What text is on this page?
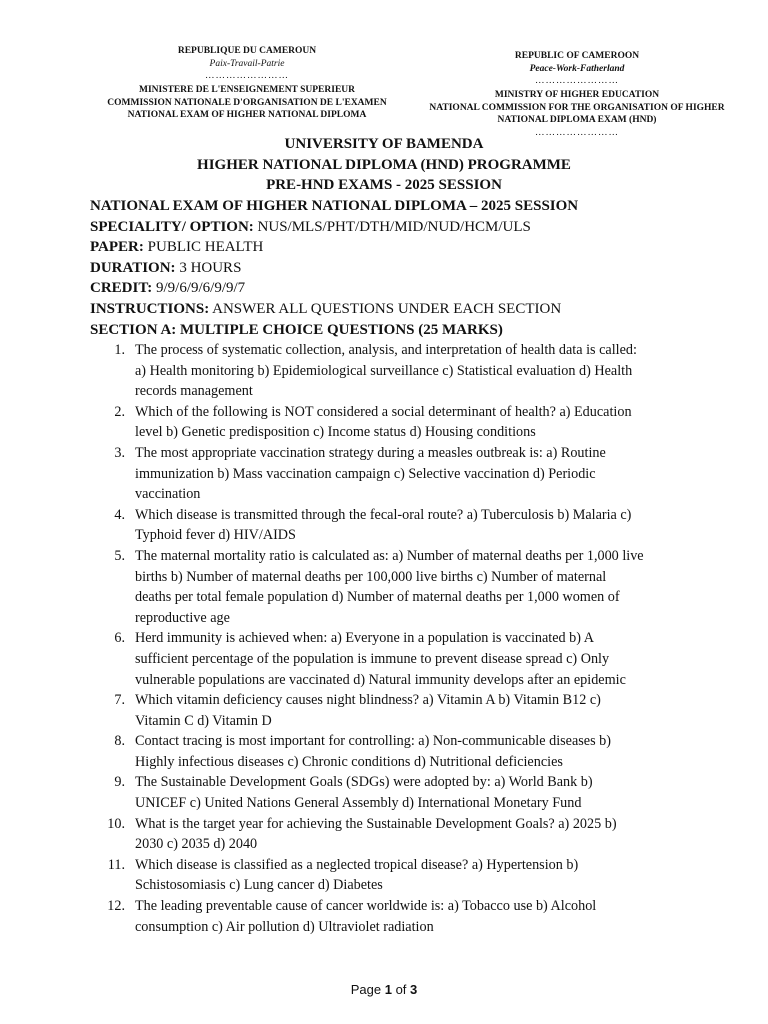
REPUBLIQUE DU CAMEROUN
Paix-Travail-Patrie
……………………
MINISTERE DE L'ENSEIGNEMENT SUPERIEUR
COMMISSION NATIONALE D'ORGANISATION DE L'EXAMEN
NATIONAL EXAM OF HIGHER NATIONAL DIPLOMA
REPUBLIC OF CAMEROON
Peace-Work-Fatherland
……………………
MINISTRY OF HIGHER EDUCATION
NATIONAL COMMISSION FOR THE ORGANISATION OF HIGHER
NATIONAL DIPLOMA EXAM (HND)
……………………
UNIVERSITY OF BAMENDA
HIGHER NATIONAL DIPLOMA (HND) PROGRAMME
PRE-HND EXAMS - 2025 SESSION
NATIONAL EXAM OF HIGHER NATIONAL DIPLOMA – 2025 SESSION
SPECIALITY/ OPTION: NUS/MLS/PHT/DTH/MID/NUD/HCM/ULS
PAPER: PUBLIC HEALTH
DURATION: 3 HOURS
CREDIT: 9/9/6/9/6/9/9/7
INSTRUCTIONS: ANSWER ALL QUESTIONS UNDER EACH SECTION
SECTION A: MULTIPLE CHOICE QUESTIONS (25 MARKS)
1. The process of systematic collection, analysis, and interpretation of health data is called:
a) Health monitoring b) Epidemiological surveillance c) Statistical evaluation d) Health
records management
2. Which of the following is NOT considered a social determinant of health? a) Education
level b) Genetic predisposition c) Income status d) Housing conditions
3. The most appropriate vaccination strategy during a measles outbreak is: a) Routine
immunization b) Mass vaccination campaign c) Selective vaccination d) Periodic
vaccination
4. Which disease is transmitted through the fecal-oral route? a) Tuberculosis b) Malaria c)
Typhoid fever d) HIV/AIDS
5. The maternal mortality ratio is calculated as: a) Number of maternal deaths per 1,000 live
births b) Number of maternal deaths per 100,000 live births c) Number of maternal
deaths per total female population d) Number of maternal deaths per 1,000 women of
reproductive age
6. Herd immunity is achieved when: a) Everyone in a population is vaccinated b) A
sufficient percentage of the population is immune to prevent disease spread c) Only
vulnerable populations are vaccinated d) Natural immunity develops after an epidemic
7. Which vitamin deficiency causes night blindness? a) Vitamin A b) Vitamin B12 c)
Vitamin C d) Vitamin D
8. Contact tracing is most important for controlling: a) Non-communicable diseases b)
Highly infectious diseases c) Chronic conditions d) Nutritional deficiencies
9. The Sustainable Development Goals (SDGs) were adopted by: a) World Bank b)
UNICEF c) United Nations General Assembly d) International Monetary Fund
10. What is the target year for achieving the Sustainable Development Goals? a) 2025 b)
2030 c) 2035 d) 2040
11. Which disease is classified as a neglected tropical disease? a) Hypertension b)
Schistosomiasis c) Lung cancer d) Diabetes
12. The leading preventable cause of cancer worldwide is: a) Tobacco use b) Alcohol
consumption c) Air pollution d) Ultraviolet radiation
Page 1 of 3
